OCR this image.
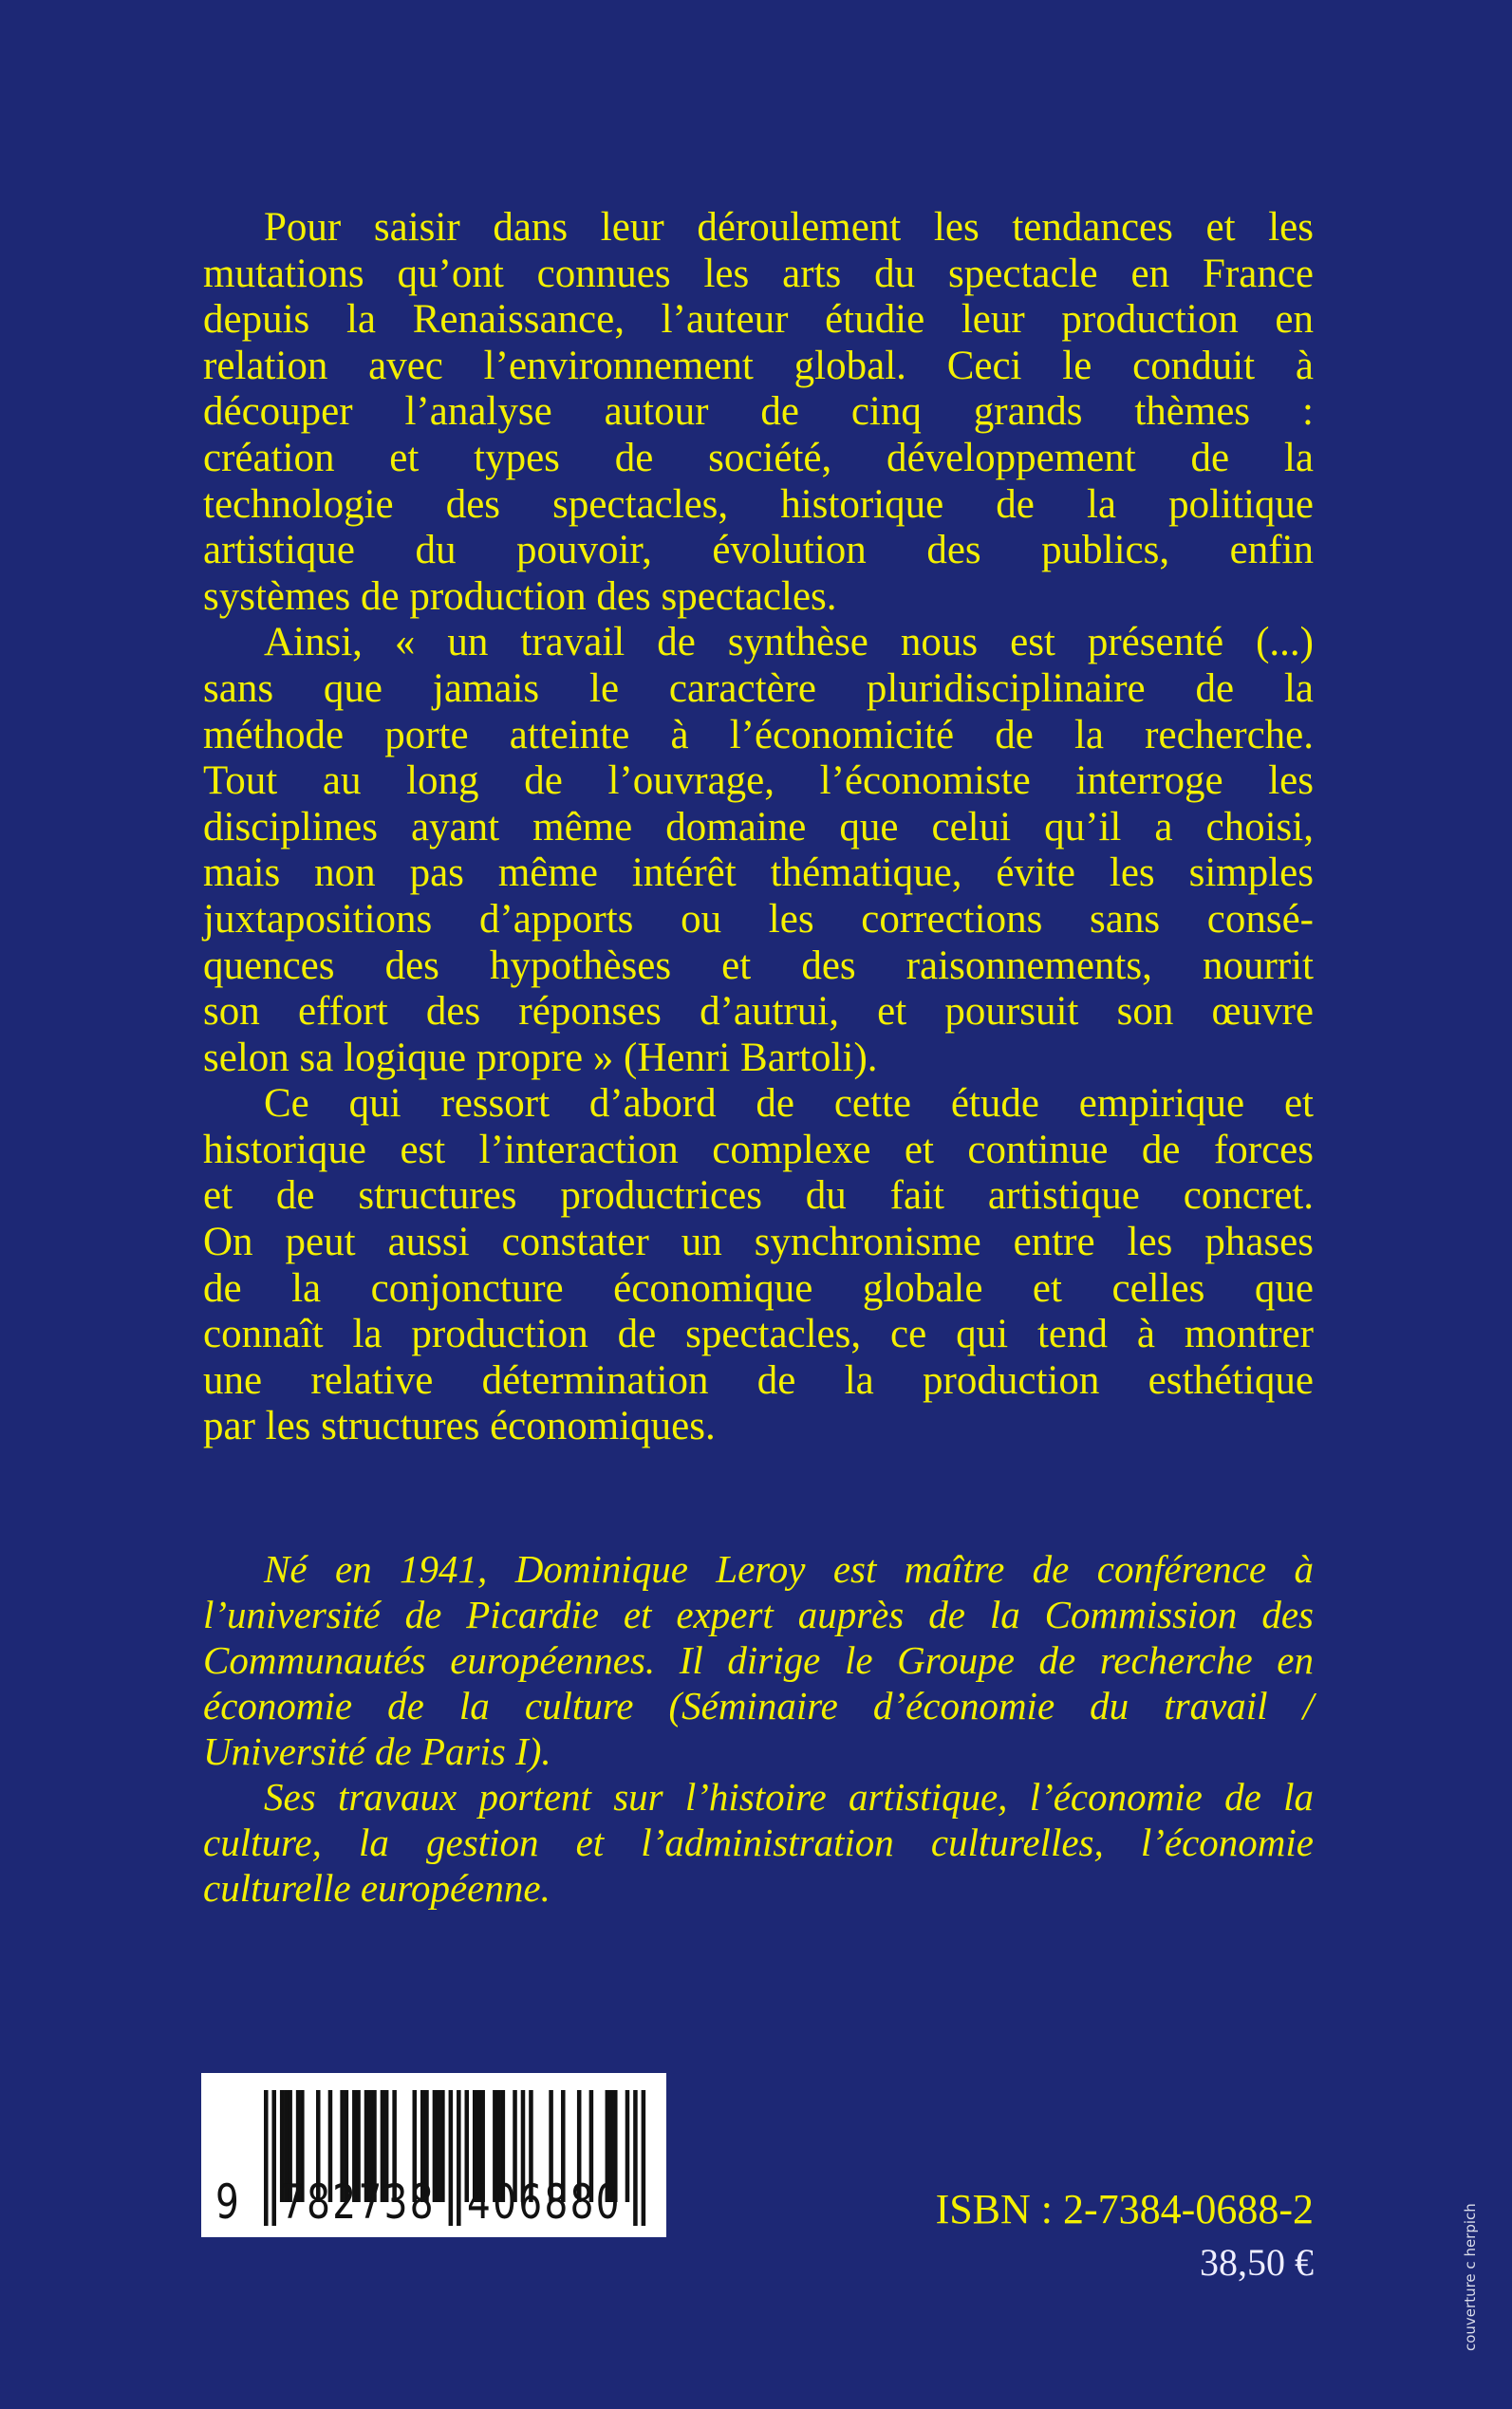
Pour saisir dans leur déroulement les tendances et les
mutations qu’ont connues les arts du spectacle en France
depuis la Renaissance, l’auteur étudie leur production en
relation avec l’environnement global. Ceci le conduit à
découper l’analyse autour de cinq grands thèmes :
création et types de société, développement de la
technologie des spectacles, historique de la politique
artistique du pouvoir, évolution des publics, enfin
systèmes de production des spectacles.
Ainsi, « un travail de synthèse nous est présenté (...)
sans que jamais le caractère pluridisciplinaire de la
méthode porte atteinte à l’économicité de la recherche.
Tout au long de l’ouvrage, l’économiste interroge les
disciplines ayant même domaine que celui qu’il a choisi,
mais non pas même intérêt thématique, évite les simples
juxtapositions d’apports ou les corrections sans consé-
quences des hypothèses et des raisonnements, nourrit
son effort des réponses d’autrui, et poursuit son œuvre
selon sa logique propre » (Henri Bartoli).
Ce qui ressort d’abord de cette étude empirique et
historique est l’interaction complexe et continue de forces
et de structures productrices du fait artistique concret.
On peut aussi constater un synchronisme entre les phases
de la conjoncture économique globale et celles que
connaît la production de spectacles, ce qui tend à montrer
une relative détermination de la production esthétique
par les structures économiques.
Né en 1941, Dominique Leroy est maître de conférence à
l’université de Picardie et expert auprès de la Commission des
Communautés européennes. Il dirige le Groupe de recherche en
économie de la culture (Séminaire d’économie du travail /
Université de Paris I).
Ses travaux portent sur l’histoire artistique, l’économie de la
culture, la gestion et l’administration culturelles, l’économie
culturelle européenne.
9 782738 406880	ISBN : 2-7384-0688-2
38,50 €	couverture c herpich
